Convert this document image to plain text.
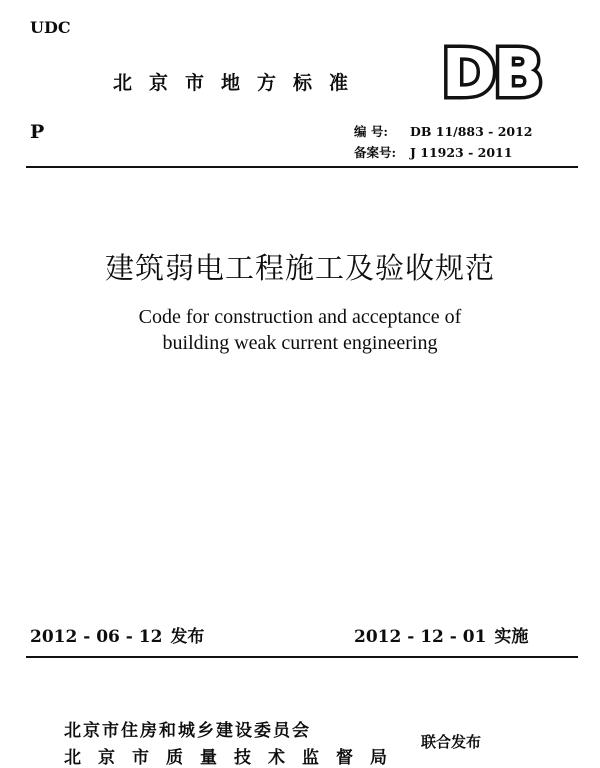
UDC
北京市地方标准 DB
P	编 号: DB 11/883 - 2012
备案号: J 11923 - 2011
建筑弱电工程施工及验收规范
Code for construction and acceptance of
building weak current engineering
2012 - 06 - 12 发布	2012 - 12 - 01 实施
北京市住房和城乡建设委员会
北京市质量技术监督局
联合发布
